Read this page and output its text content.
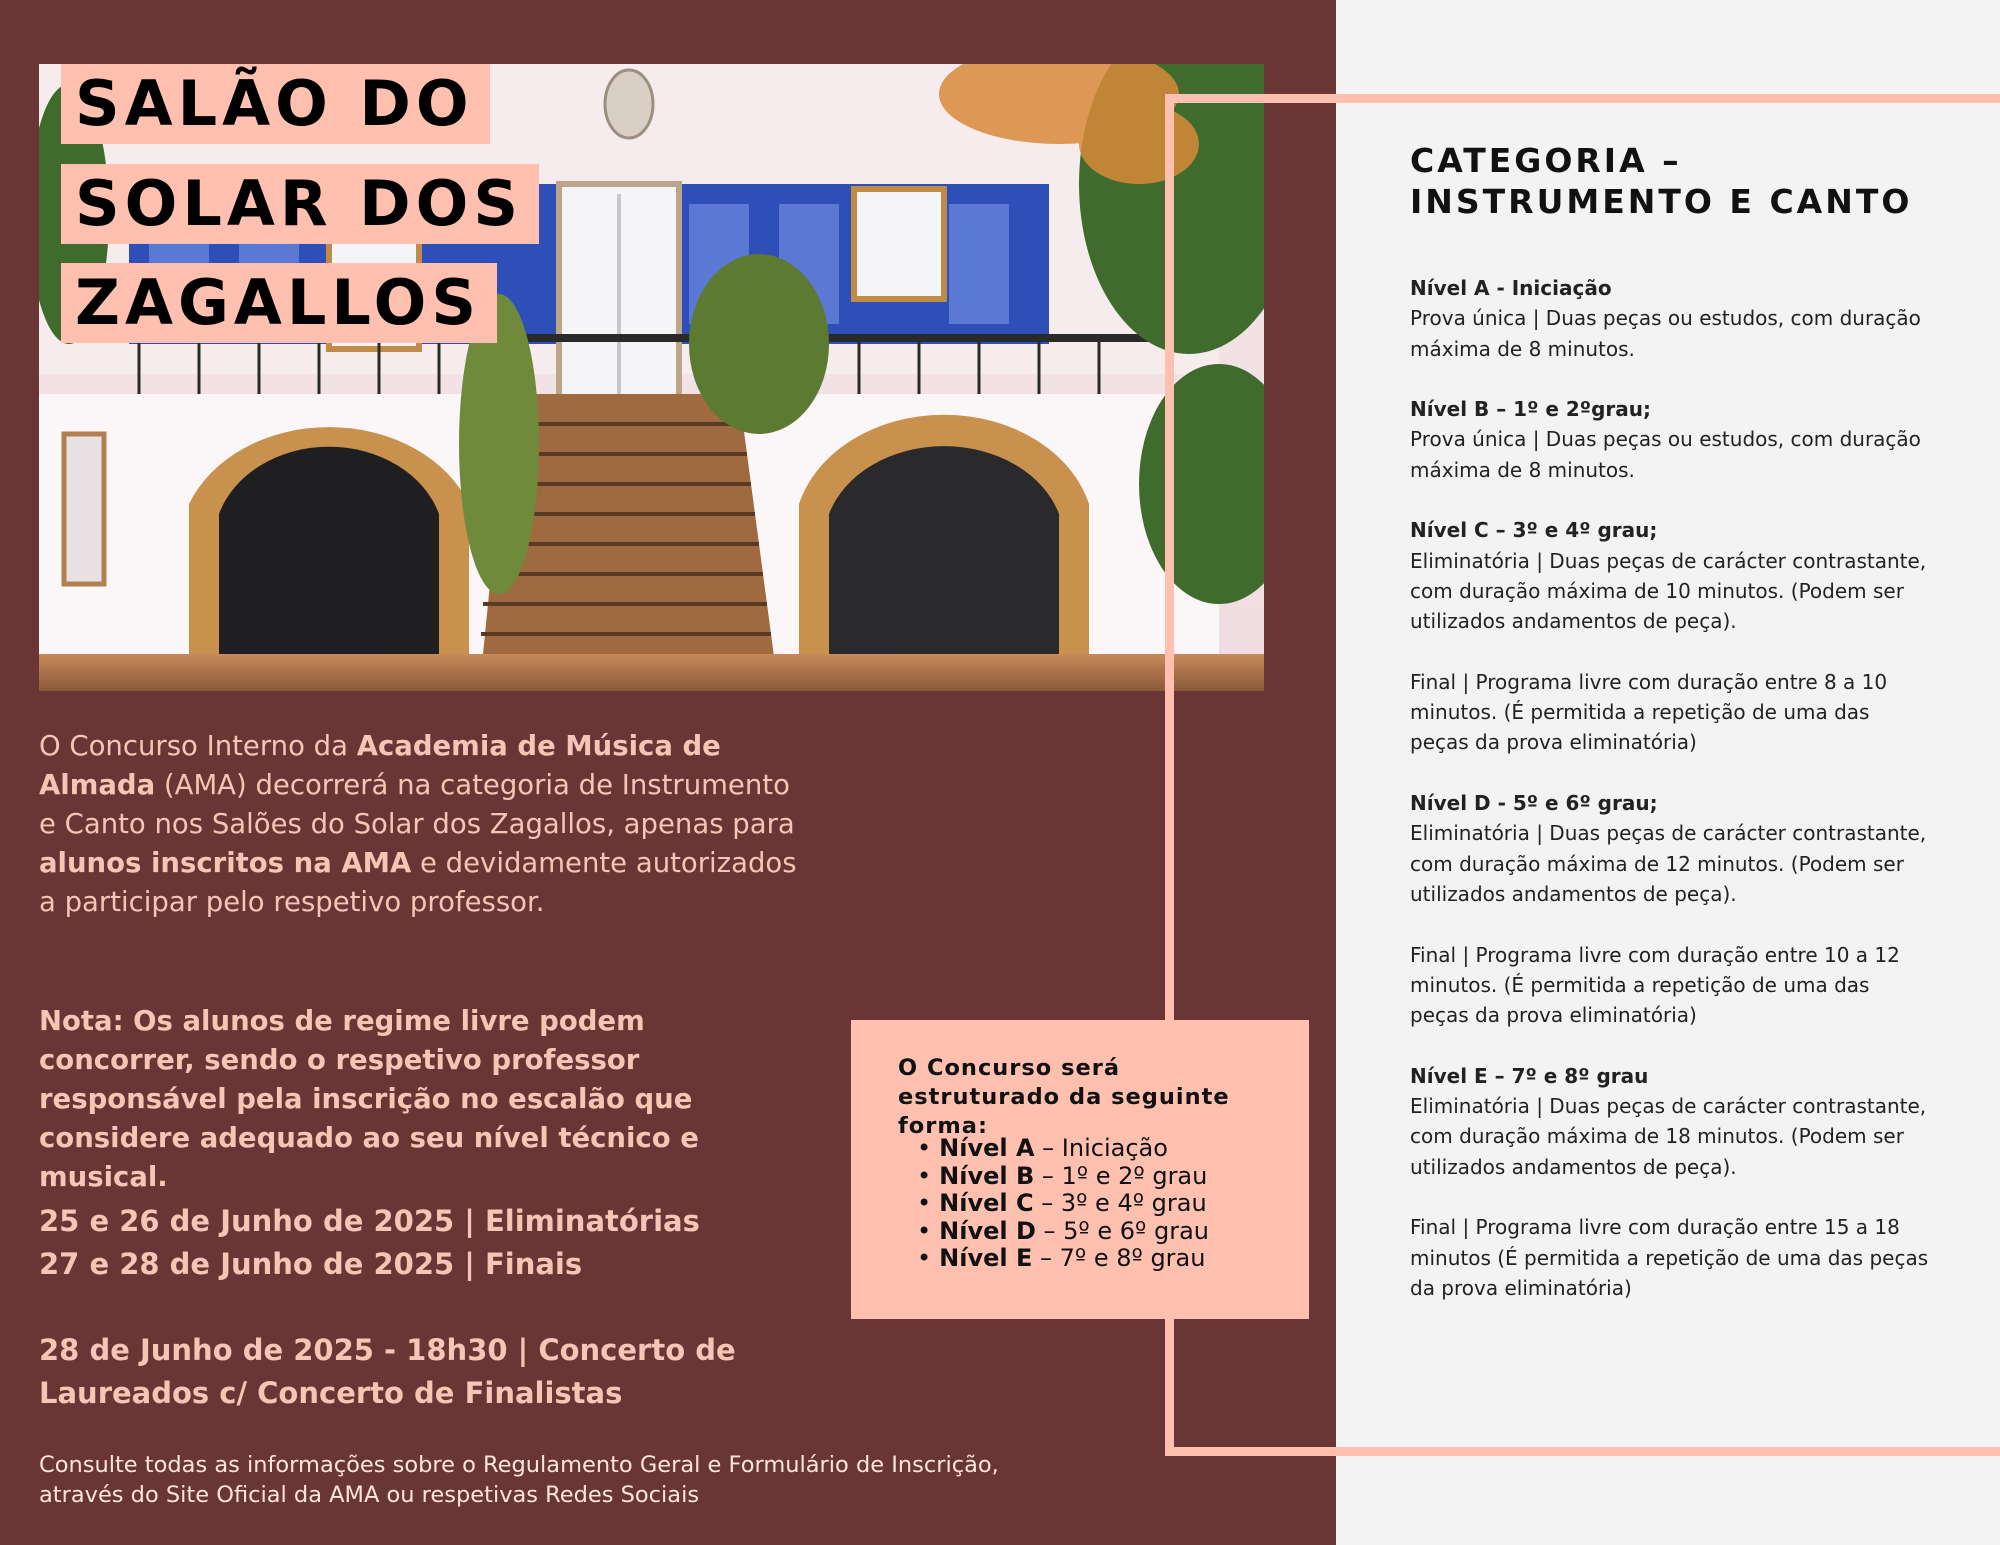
SALÃO DO
SOLAR DOS
ZAGALLOS
O Concurso Interno da Academia de Música de Almada (AMA) decorrerá na categoria de Instrumento e Canto nos Salões do Solar dos Zagallos, apenas para alunos inscritos na AMA e devidamente autorizados a participar pelo respetivo professor.
Nota: Os alunos de regime livre podem concorrer, sendo o respetivo professor responsável pela inscrição no escalão que considere adequado ao seu nível técnico e musical.
25 e 26 de Junho de 2025 | Eliminatórias
27 e 28 de Junho de 2025 | Finais
28 de Junho de 2025 - 18h30 | Concerto de Laureados c/ Concerto de Finalistas
Consulte todas as informações sobre o Regulamento Geral e Formulário de Inscrição,
através do Site Oficial da AMA ou respetivas Redes Sociais
O Concurso será estruturado da seguinte forma:
• Nível A – Iniciação
• Nível B – 1º e 2º grau
• Nível C – 3º e 4º grau
• Nível D – 5º e 6º grau
• Nível E – 7º e 8º grau
CATEGORIA –
INSTRUMENTO E CANTO

Nível A - Iniciação

Prova única | Duas peças ou estudos, com duração máxima de 8 minutos.

Nível B – 1º e 2ºgrau;

Prova única | Duas peças ou estudos, com duração máxima de 8 minutos.

Nível C – 3º e 4º grau;

Eliminatória | Duas peças de carácter contrastante, com duração máxima de 10 minutos. (Podem ser utilizados andamentos de peça).

Final | Programa livre com duração entre 8 a 10 minutos. (É permitida a repetição de uma das peças da prova eliminatória)

Nível D - 5º e 6º grau;

Eliminatória | Duas peças de carácter contrastante, com duração máxima de 12 minutos. (Podem ser utilizados andamentos de peça).

Final | Programa livre com duração entre 10 a 12 minutos. (É permitida a repetição de uma das peças da prova eliminatória)

Nível E – 7º e 8º grau

Eliminatória | Duas peças de carácter contrastante, com duração máxima de 18 minutos. (Podem ser utilizados andamentos de peça).

Final | Programa livre com duração entre 15 a 18 minutos (É permitida a repetição de uma das peças da prova eliminatória)
